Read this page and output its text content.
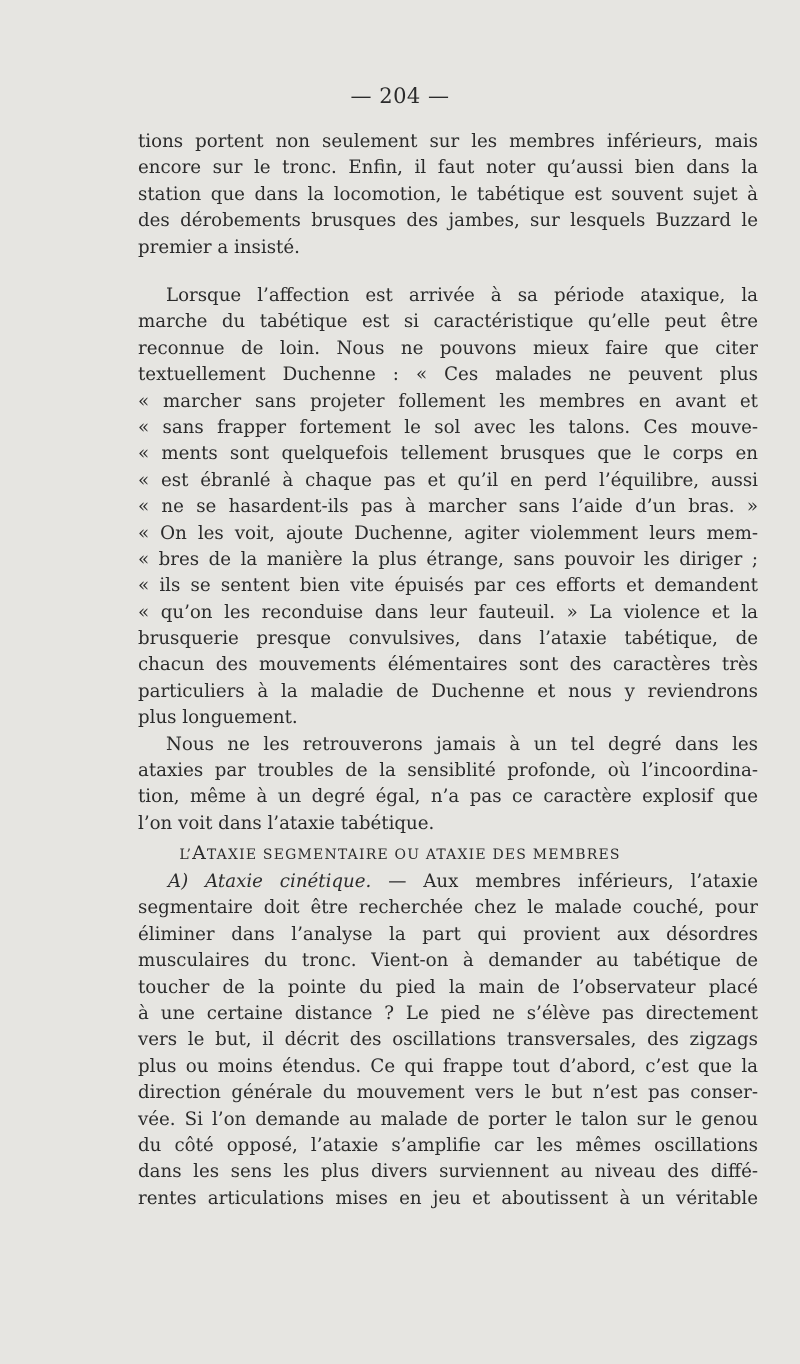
— 204 —
tions portent non seulement sur les membres inférieurs, mais
encore sur le tronc. Enfin, il faut noter qu’aussi bien dans la
station que dans la locomotion, le tabétique est souvent sujet à
des dérobements brusques des jambes, sur lesquels Buzzard le
premier a insisté.
Lorsque l’affection est arrivée à sa période ataxique, la
marche du tabétique est si caractéristique qu’elle peut être
reconnue de loin. Nous ne pouvons mieux faire que citer
textuellement Duchenne : « Ces malades ne peuvent plus
« marcher sans projeter follement les membres en avant et
« sans frapper fortement le sol avec les talons. Ces mouve-
« ments sont quelquefois tellement brusques que le corps en
« est ébranlé à chaque pas et qu’il en perd l’équilibre, aussi
« ne se hasardent-ils pas à marcher sans l’aide d’un bras. »
« On les voit, ajoute Duchenne, agiter violemment leurs mem-
« bres de la manière la plus étrange, sans pouvoir les diriger ;
« ils se sentent bien vite épuisés par ces efforts et demandent
« qu’on les reconduise dans leur fauteuil. » La violence et la
brusquerie presque convulsives, dans l’ataxie tabétique, de
chacun des mouvements élémentaires sont des caractères très
particuliers à la maladie de Duchenne et nous y reviendrons
plus longuement.
Nous ne les retrouverons jamais à un tel degré dans les
ataxies par troubles de la sensiblité profonde, où l’incoordina-
tion, même à un degré égal, n’a pas ce caractère explosif que
l’on voit dans l’ataxie tabétique.
L’ATAXIE SEGMENTAIRE OU ATAXIE DES MEMBRES
A) Ataxie cinétique. — Aux membres inférieurs, l’ataxie
segmentaire doit être recherchée chez le malade couché, pour
éliminer dans l’analyse la part qui provient aux désordres
musculaires du tronc. Vient-on à demander au tabétique de
toucher de la pointe du pied la main de l’observateur placé
à une certaine distance ? Le pied ne s’élève pas directement
vers le but, il décrit des oscillations transversales, des zigzags
plus ou moins étendus. Ce qui frappe tout d’abord, c’est que la
direction générale du mouvement vers le but n’est pas conser-
vée. Si l’on demande au malade de porter le talon sur le genou
du côté opposé, l’ataxie s’amplifie car les mêmes oscillations
dans les sens les plus divers surviennent au niveau des diffé-
rentes articulations mises en jeu et aboutissent à un véritable
